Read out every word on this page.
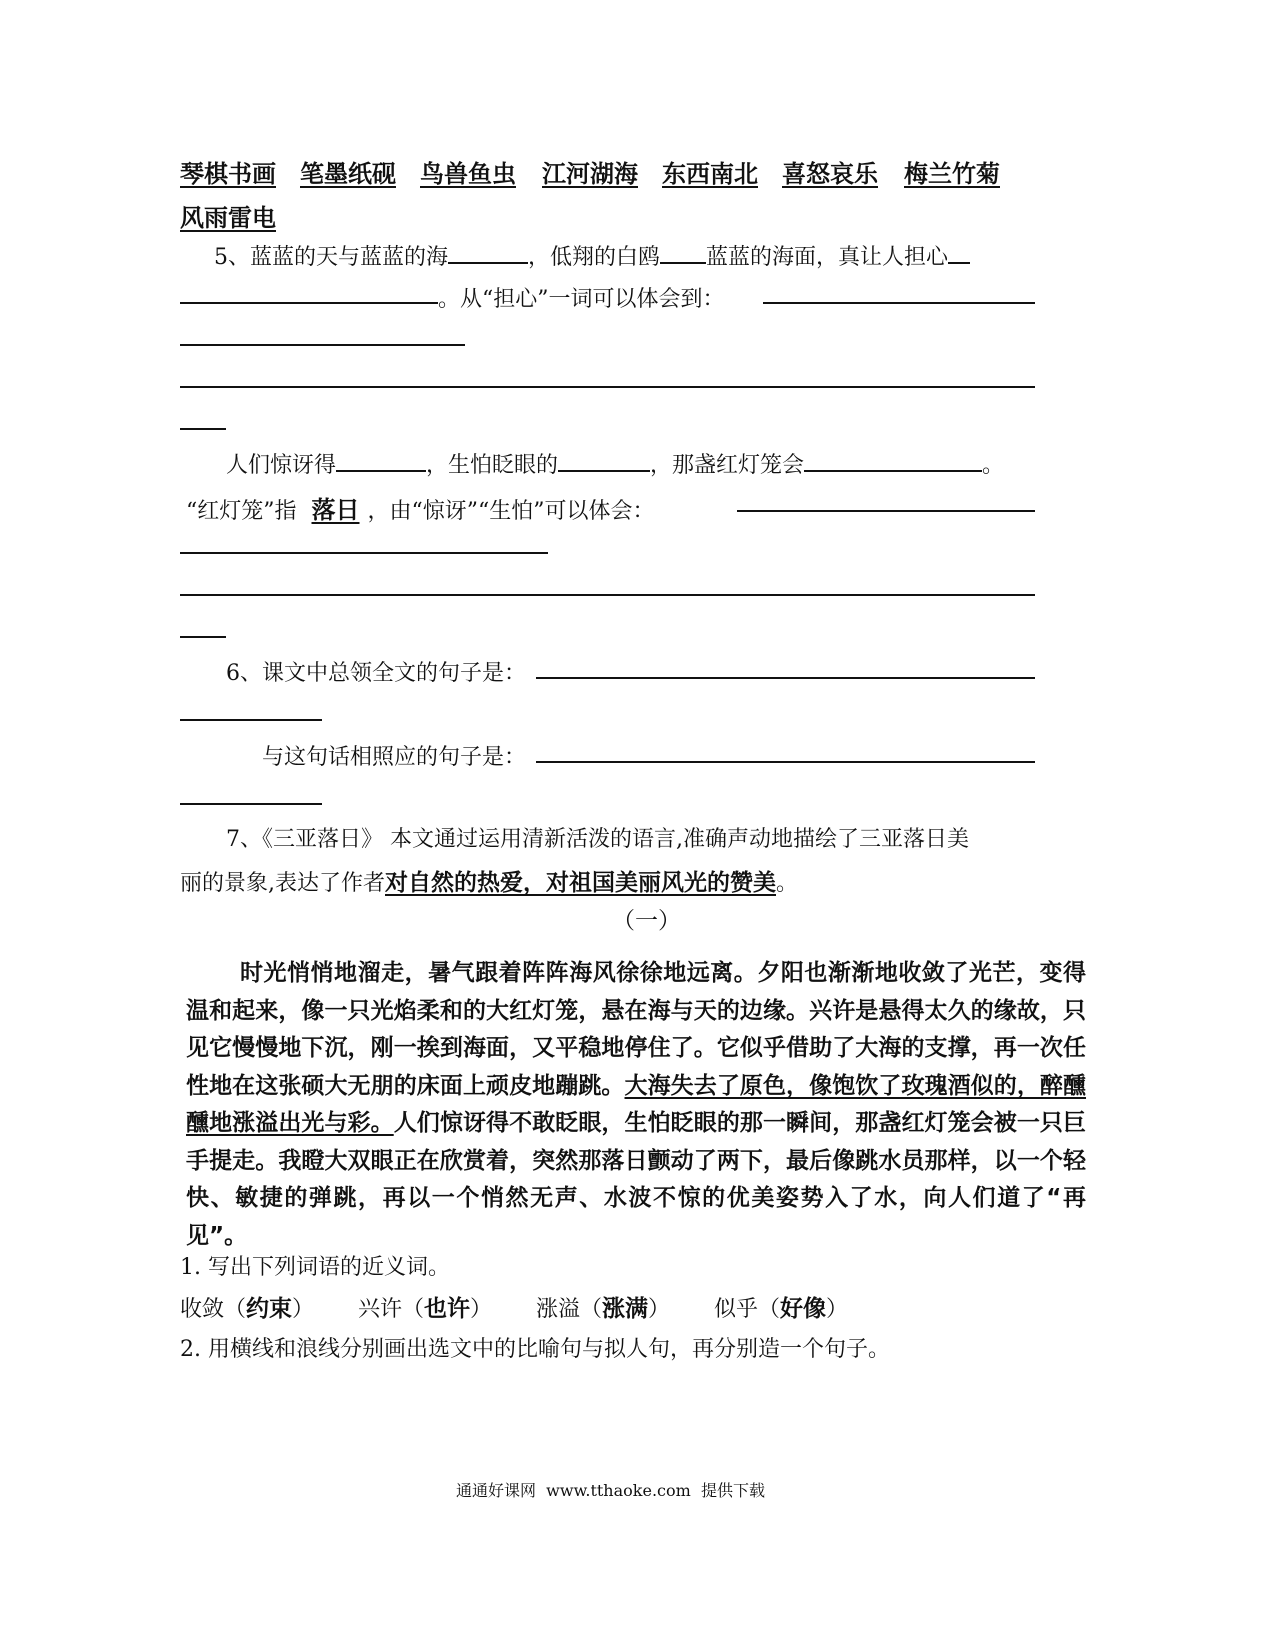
琴棋书画 笔墨纸砚 鸟兽鱼虫 江河湖海 东西南北 喜怒哀乐 梅兰竹菊
风雨雷电
5、蓝蓝的天与蓝蓝的海	，低翔的白鸥 蓝蓝的海面，真让人担心
。从“担心”一词可以体会到：
人们惊讶得	，生怕眨眼的	，那盏红灯笼会	。
“红灯笼”指 落日 ，由“惊讶”“生怕”可以体会：
6、课文中总领全文的句子是：
与这句话相照应的句子是：
7、《三亚落日》 本文通过运用清新活泼的语言,准确声动地描绘了三亚落日美
丽的景象,表达了作者对自然的热爱，对祖国美丽风光的赞美。
（一）
时光悄悄地溜走，暑气跟着阵阵海风徐徐地远离。夕阳也渐渐地收敛了光芒，变得温和起来，像一只光焰柔和的大红灯笼，悬在海与天的边缘。兴许是悬得太久的缘故，只见它慢慢地下沉，刚一挨到海面，又平稳地停住了。它似乎借助了大海的支撑，再一次任性地在这张硕大无朋的床面上顽皮地蹦跳。大海失去了原色，像饱饮了玫瑰酒似的，醉醺醺地涨溢出光与彩。人们惊讶得不敢眨眼，生怕眨眼的那一瞬间，那盏红灯笼会被一只巨手提走。我瞪大双眼正在欣赏着，突然那落日颤动了两下，最后像跳水员那样，以一个轻快、敏捷的弹跳，再以一个悄然无声、水波不惊的优美姿势入了水，向人们道了“再见”。
1. 写出下列词语的近义词。
收敛（约束） 兴许（也许） 涨溢（涨满） 似乎（好像）
2. 用横线和浪线分别画出选文中的比喻句与拟人句，再分别造一个句子。
通通好课网  www.tthaoke.com  提供下载
